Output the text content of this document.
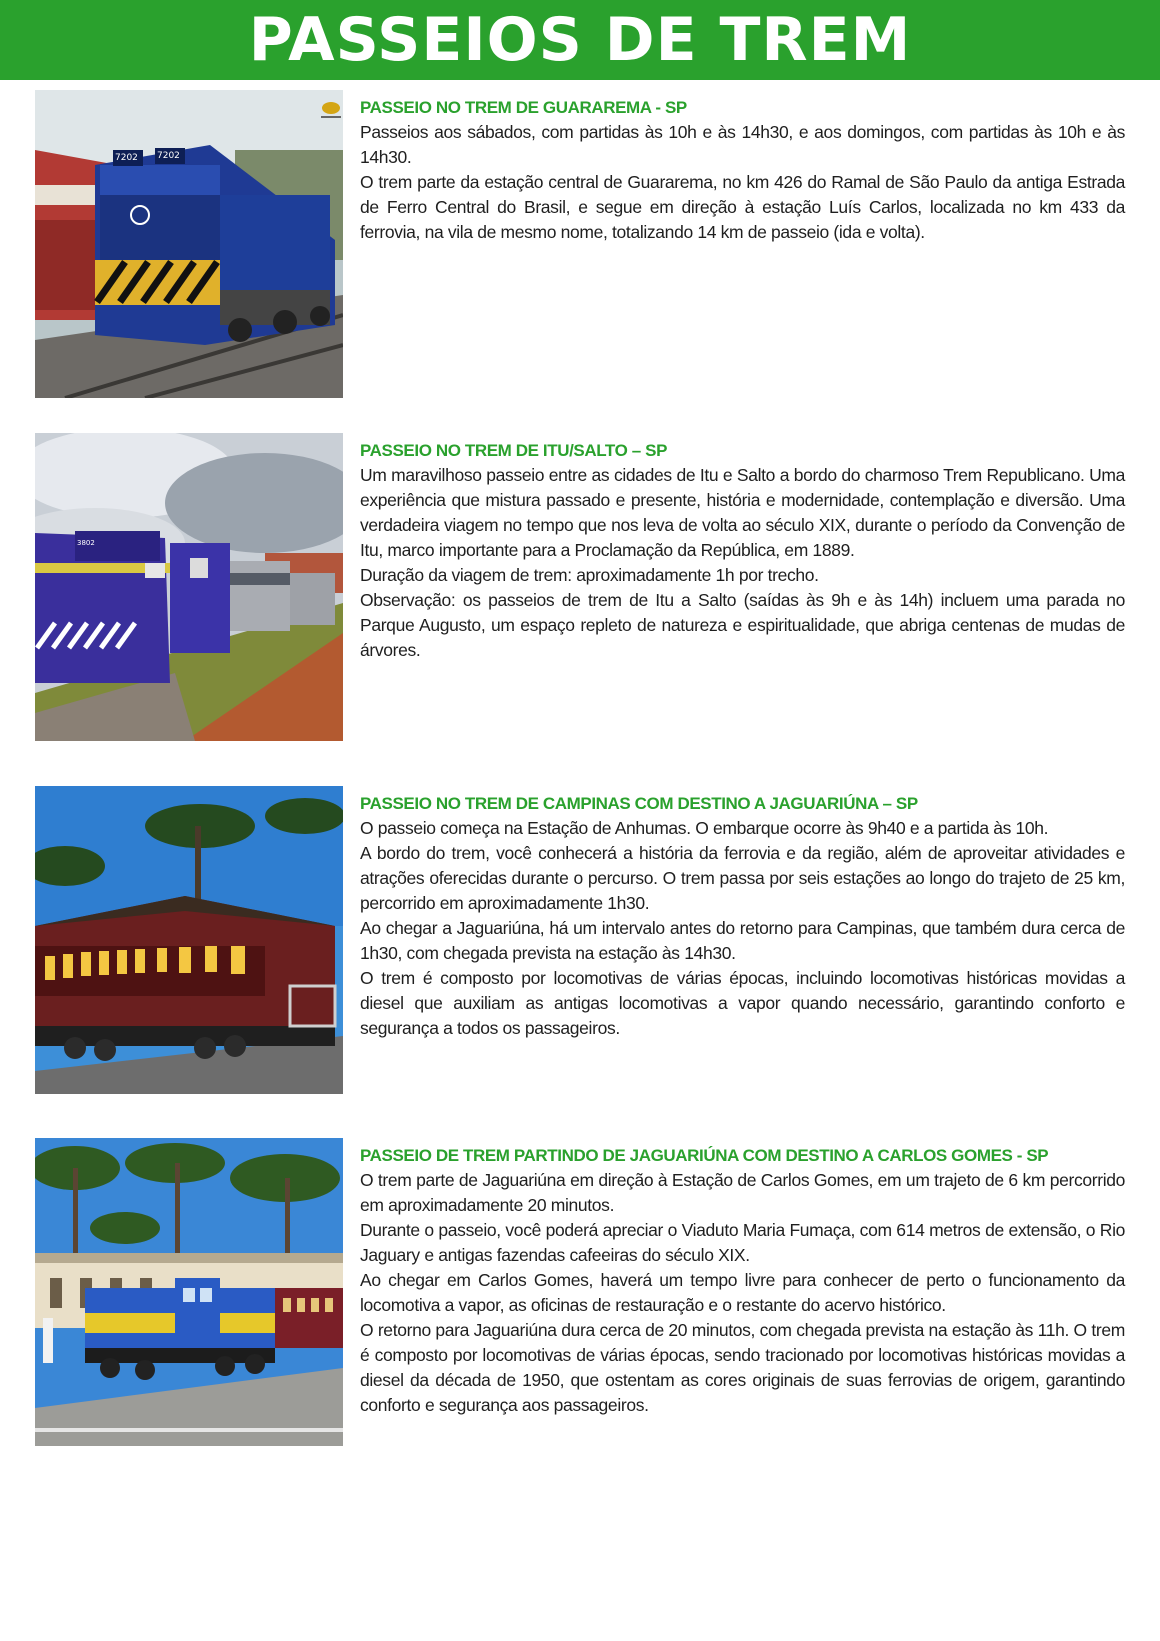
PASSEIOS DE TREM
7202 7202
PASSEIO NO TREM DE GUARAREMA - SP

Passeios aos sábados, com partidas às 10h e às 14h30, e aos domingos, com partidas às 10h e às 14h30.

O trem parte da estação central de Guararema, no km 426 do Ramal de São Paulo da antiga Estrada de Ferro Central do Brasil, e segue em direção à estação Luís Carlos, localizada no km 433 da ferrovia, na vila de mesmo nome, totalizando 14 km de passeio (ida e volta).

3802
PASSEIO NO TREM DE ITU/SALTO – SP

Um maravilhoso passeio entre as cidades de Itu e Salto a bordo do charmoso Trem Republicano. Uma experiência que mistura passado e presente, história e modernidade, contemplação e diversão. Uma verdadeira viagem no tempo que nos leva de volta ao século XIX, durante o período da Convenção de Itu, marco importante para a Proclamação da República, em 1889.

Duração da viagem de trem: aproximadamente 1h por trecho.

Observação: os passeios de trem de Itu a Salto (saídas às 9h e às 14h) incluem uma parada no Parque Augusto, um espaço repleto de natureza e espiritualidade, que abriga centenas de mudas de árvores.

PASSEIO NO TREM DE CAMPINAS COM DESTINO A JAGUARIÚNA – SP

O passeio começa na Estação de Anhumas. O embarque ocorre às 9h40 e a partida às 10h.

A bordo do trem, você conhecerá a história da ferrovia e da região, além de aproveitar atividades e atrações oferecidas durante o percurso. O trem passa por seis estações ao longo do trajeto de 25 km, percorrido em aproximadamente 1h30.

Ao chegar a Jaguariúna, há um intervalo antes do retorno para Campinas, que também dura cerca de 1h30, com chegada prevista na estação às 14h30.

O trem é composto por locomotivas de várias épocas, incluindo locomotivas históricas movidas a diesel que auxiliam as antigas locomotivas a vapor quando necessário, garantindo conforto e segurança a todos os passageiros.

PASSEIO DE TREM PARTINDO DE JAGUARIÚNA COM DESTINO A CARLOS GOMES - SP

O trem parte de Jaguariúna em direção à Estação de Carlos Gomes, em um trajeto de 6 km percorrido em aproximadamente 20 minutos.

Durante o passeio, você poderá apreciar o Viaduto Maria Fumaça, com 614 metros de extensão, o Rio Jaguary e antigas fazendas cafeeiras do século XIX.

Ao chegar em Carlos Gomes, haverá um tempo livre para conhecer de perto o funcionamento da locomotiva a vapor, as oficinas de restauração e o restante do acervo histórico.

O retorno para Jaguariúna dura cerca de 20 minutos, com chegada prevista na estação às 11h. O trem é composto por locomotivas de várias épocas, sendo tracionado por locomotivas históricas movidas a diesel da década de 1950, que ostentam as cores originais de suas ferrovias de origem, garantindo conforto e segurança aos passageiros.
